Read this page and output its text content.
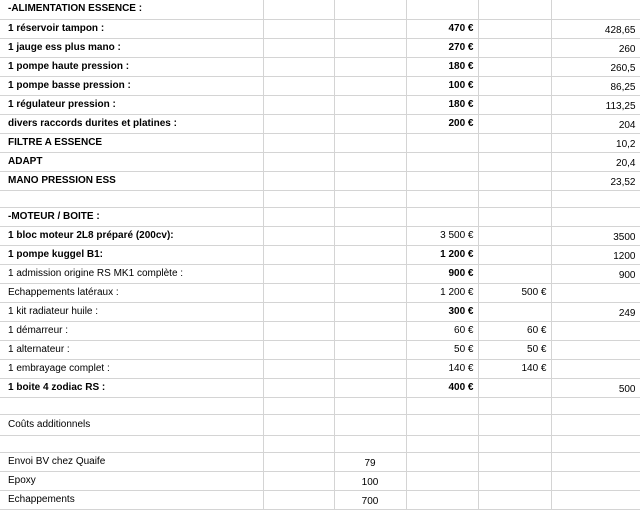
-ALIMENTATION ESSENCE :					
1 réservoir tampon :			470 €		428,65
1 jauge ess plus mano :			270 €		260
1 pompe haute pression :			180 €		260,5
1 pompe basse pression :			100 €		86,25
1 régulateur pression :			180 €		113,25
divers raccords durites et platines :			200 €		204
FILTRE A ESSENCE					10,2
ADAPT					20,4
MANO PRESSION ESS					23,52

-MOTEUR / BOITE :					
1 bloc moteur 2L8 préparé (200cv):			3 500 €		3500
1 pompe kuggel B1:			1 200 €		1200
1 admission origine RS MK1 complète :			900 €		900
Echappements latéraux :			1 200 €	500 €	
1 kit radiateur huile :			300 €		249
1 démarreur :			60 €	60 €	
1 alternateur :			50 €	50 €	
1 embrayage complet :			140 €	140 €	
1 boite 4 zodiac RS :			400 €		500

Coûts additionnels					

Envoi BV chez Quaife		79			
Epoxy		100			
Echappements		700			
